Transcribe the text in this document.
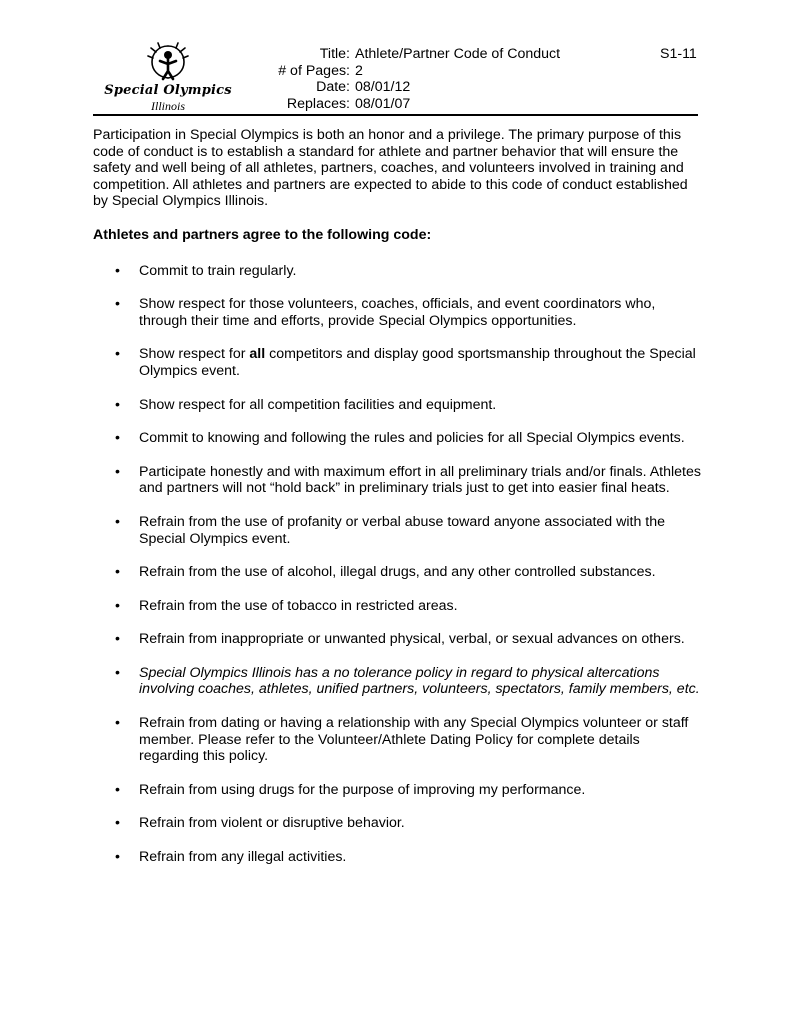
Special Olympics
Illinois
Title: Athlete/Partner Code of Conduct
# of Pages: 2
Date: 08/01/12
Replaces: 08/01/07
S1-11

Participation in Special Olympics is both an honor and a privilege. The primary purpose of this code of conduct is to establish a standard for athlete and partner behavior that will ensure the safety and well being of all athletes, partners, coaches, and volunteers involved in training and competition. All athletes and partners are expected to abide to this code of conduct established by Special Olympics Illinois.

Athletes and partners agree to the following code:

• Commit to train regularly.
• Show respect for those volunteers, coaches, officials, and event coordinators who, through their time and efforts, provide Special Olympics opportunities.
• Show respect for all competitors and display good sportsmanship throughout the Special Olympics event.
• Show respect for all competition facilities and equipment.
• Commit to knowing and following the rules and policies for all Special Olympics events.
• Participate honestly and with maximum effort in all preliminary trials and/or finals. Athletes and partners will not “hold back” in preliminary trials just to get into easier final heats.
• Refrain from the use of profanity or verbal abuse toward anyone associated with the Special Olympics event.
• Refrain from the use of alcohol, illegal drugs, and any other controlled substances.
• Refrain from the use of tobacco in restricted areas.
• Refrain from inappropriate or unwanted physical, verbal, or sexual advances on others.
• Special Olympics Illinois has a no tolerance policy in regard to physical altercations involving coaches, athletes, unified partners, volunteers, spectators, family members, etc.
• Refrain from dating or having a relationship with any Special Olympics volunteer or staff member. Please refer to the Volunteer/Athlete Dating Policy for complete details regarding this policy.
• Refrain from using drugs for the purpose of improving my performance.
• Refrain from violent or disruptive behavior.
• Refrain from any illegal activities.
